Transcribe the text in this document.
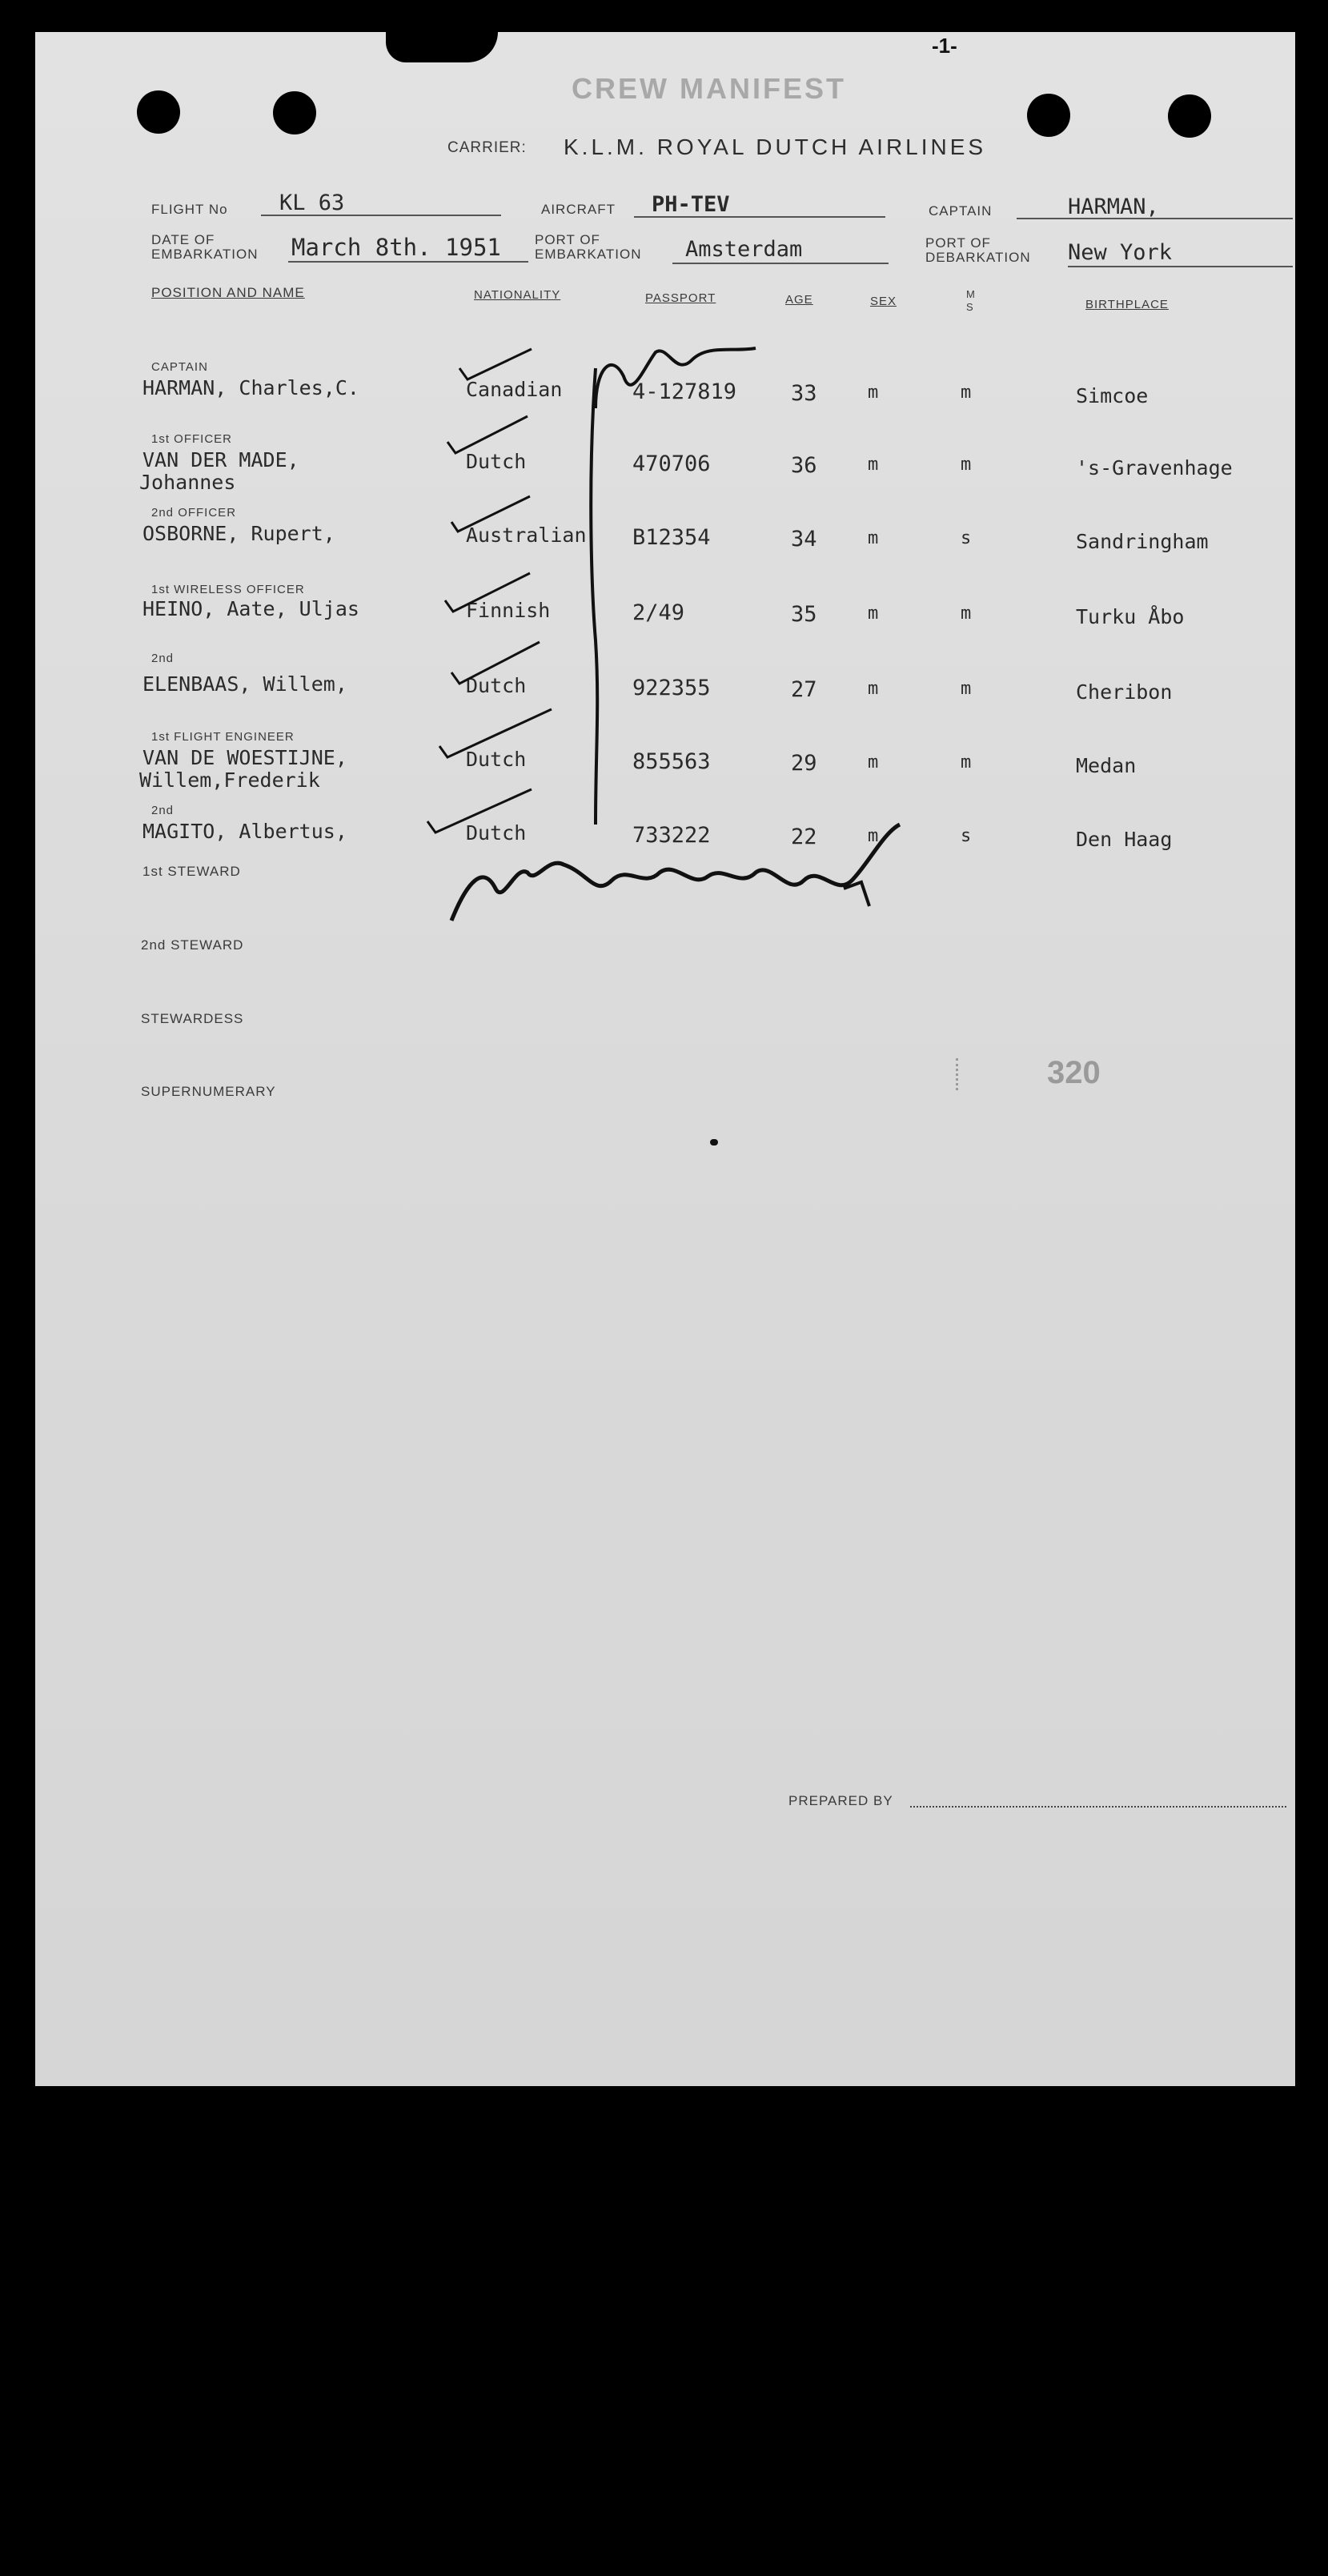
CREW MANIFEST
-1-
CARRIER: K.L.M. ROYAL DUTCH AIRLINES
FLIGHT No KL 63	AIRCRAFT PH-TEV	CAPTAIN	HARMAN,
DATE OF
EMBARKATION March 8th. 1951 PORT OF
EMBARKATION Amsterdam	PORT OF
DEBARKATION New York
POSITION AND NAME	NATIONALITY	PASSPORT	AGE	SEX
M
S	BIRTHPLACE
CAPTAIN
HARMAN, Charles,C.	Canadian	4-127819	33	m	m	Simcoe
1st OFFICER
VAN DER MADE,
Johannes
Dutch	470706	36	m	m	's-Gravenhage
2nd OFFICER
OSBORNE, Rupert,	Australian B12354	34	m	s	Sandringham
1st WIRELESS OFFICER
HEINO, Aate, Uljas	Finnish	2/49	35	m	m	Turku Åbo
2nd
ELENBAAS, Willem,	Dutch	922355	27	m	m	Cheribon
1st FLIGHT ENGINEER
VAN DE WOESTIJNE,
Willem,Frederik
Dutch	855563	29	m	m	Medan
2nd
MAGITO, Albertus,	Dutch	733222	22	m	s	Den Haag
1st STEWARD
2nd STEWARD
STEWARDESS
SUPERNUMERARY
320
PREPARED BY
